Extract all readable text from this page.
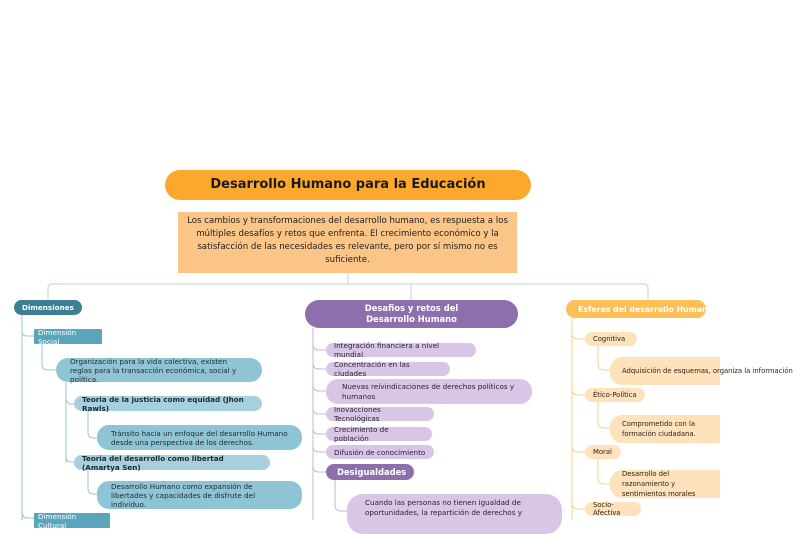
Desarrollo Humano para la Educación
Los cambios y transformaciones del desarrollo humano, es respuesta a los múltiples desafíos y retos que enfrenta. El crecimiento económico y la satisfacción de las necesidades es relevante, pero por sí mismo no es suficiente.
Dimensiones
Dimensión Social
Organización para la vida colectiva, existen reglas para la transacción económica, social y política.
Teoria de la justicia como equidad (Jhon Rawls)
Tránsito hacia un enfoque del desarrollo Humano desde una perspectiva de los derechos.
Teoria del desarrollo como libertad (Amartya Sen)
Desarrollo Humano como expansión de libertades y capacidades de disfrute del individuo.
Dimensión Cultural
Desafios y retos del Desarrollo Humano
Integración financiera a nivel mundial
Concentración en las ciudades
Nuevas reivindicaciones de derechos políticos y humanos
Inovacciones Tecnológicas
Crecimiento de población
Difusión de conocimiento
Desigualdades
Cuando las personas no tienen igualdad de oportunidades, la repartición de derechos y
Esferas del desarrollo Humano
Cognitiva
Adquisición de esquemas, organiza la información
Ético-Política
Comprometido con la formación ciudadana.
Moral
Desarrollo del razonamiento y sentimientos morales
Socio-Afectiva
